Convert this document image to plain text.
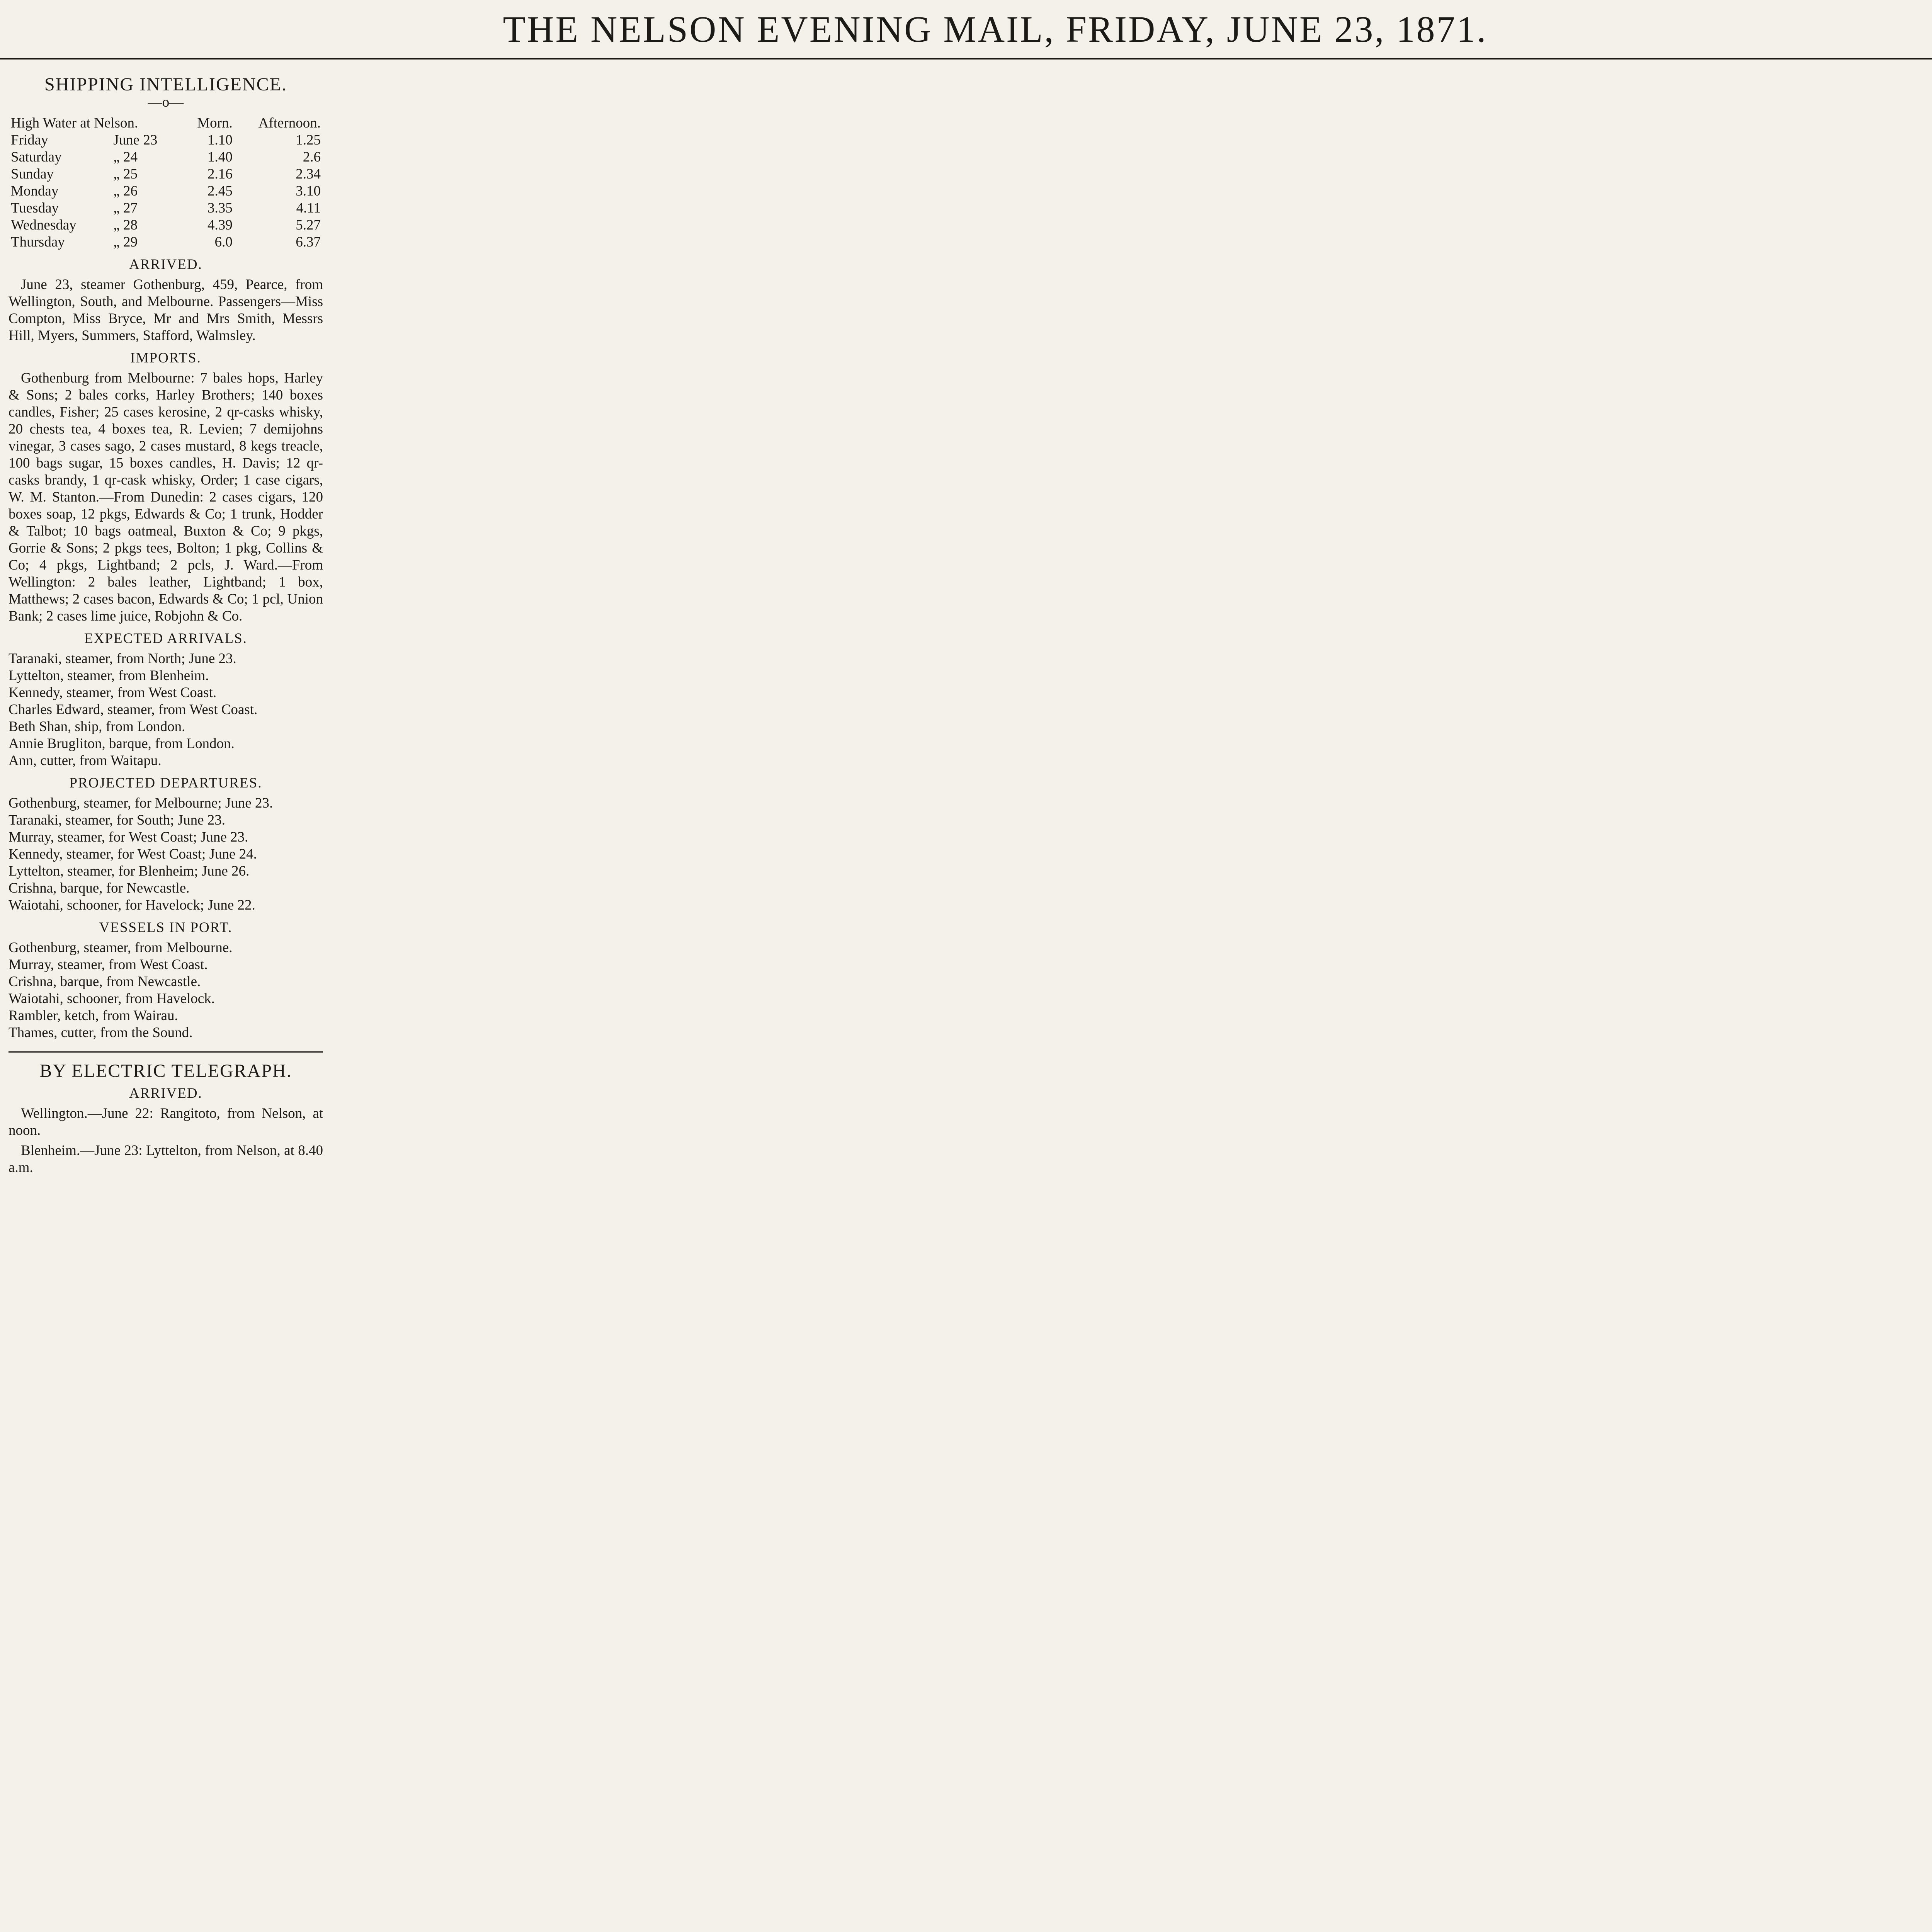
THE NELSON EVENING MAIL, FRIDAY, JUNE 23, 1871.
SHIPPING INTELLIGENCE.
—o—
High Water at Nelson.		Morn.	Afternoon.
Friday	June 23	1.10	1.25
Saturday	„ 24	1.40	2.6
Sunday	„ 25	2.16	2.34
Monday	„ 26	2.45	3.10
Tuesday	„ 27	3.35	4.11
Wednesday	„ 28	4.39	5.27
Thursday	„ 29	6.0	6.37
ARRIVED.
June 23, steamer Gothenburg, 459, Pearce, from Wellington, South, and Melbourne. Passengers—Miss Compton, Miss Bryce, Mr and Mrs Smith, Messrs Hill, Myers, Summers, Stafford, Walmsley.
IMPORTS.
Gothenburg from Melbourne: 7 bales hops, Harley & Sons; 2 bales corks, Harley Brothers; 140 boxes candles, Fisher; 25 cases kerosine, 2 qr-casks whisky, 20 chests tea, 4 boxes tea, R. Levien; 7 demijohns vinegar, 3 cases sago, 2 cases mustard, 8 kegs treacle, 100 bags sugar, 15 boxes candles, H. Davis; 12 qr-casks brandy, 1 qr-cask whisky, Order; 1 case cigars, W. M. Stanton.—From Dunedin: 2 cases cigars, 120 boxes soap, 12 pkgs, Edwards & Co; 1 trunk, Hodder & Talbot; 10 bags oatmeal, Buxton & Co; 9 pkgs, Gorrie & Sons; 2 pkgs tees, Bolton; 1 pkg, Collins & Co; 4 pkgs, Lightband; 2 pcls, J. Ward.—From Wellington: 2 bales leather, Lightband; 1 box, Matthews; 2 cases bacon, Edwards & Co; 1 pcl, Union Bank; 2 cases lime juice, Robjohn & Co.
EXPECTED ARRIVALS.
Taranaki, steamer, from North; June 23.
Lyttelton, steamer, from Blenheim.
Kennedy, steamer, from West Coast.
Charles Edward, steamer, from West Coast.
Beth Shan, ship, from London.
Annie Brugliton, barque, from London.
Ann, cutter, from Waitapu.
PROJECTED DEPARTURES.
Gothenburg, steamer, for Melbourne; June 23.
Taranaki, steamer, for South; June 23.
Murray, steamer, for West Coast; June 23.
Kennedy, steamer, for West Coast; June 24.
Lyttelton, steamer, for Blenheim; June 26.
Crishna, barque, for Newcastle.
Waiotahi, schooner, for Havelock; June 22.
VESSELS IN PORT.
Gothenburg, steamer, from Melbourne.
Murray, steamer, from West Coast.
Crishna, barque, from Newcastle.
Waiotahi, schooner, from Havelock.
Rambler, ketch, from Wairau.
Thames, cutter, from the Sound.
BY ELECTRIC TELEGRAPH.
ARRIVED.
Wellington.—June 22: Rangitoto, from Nelson, at noon.
Blenheim.—June 23: Lyttelton, from Nelson, at 8.40 a.m.
